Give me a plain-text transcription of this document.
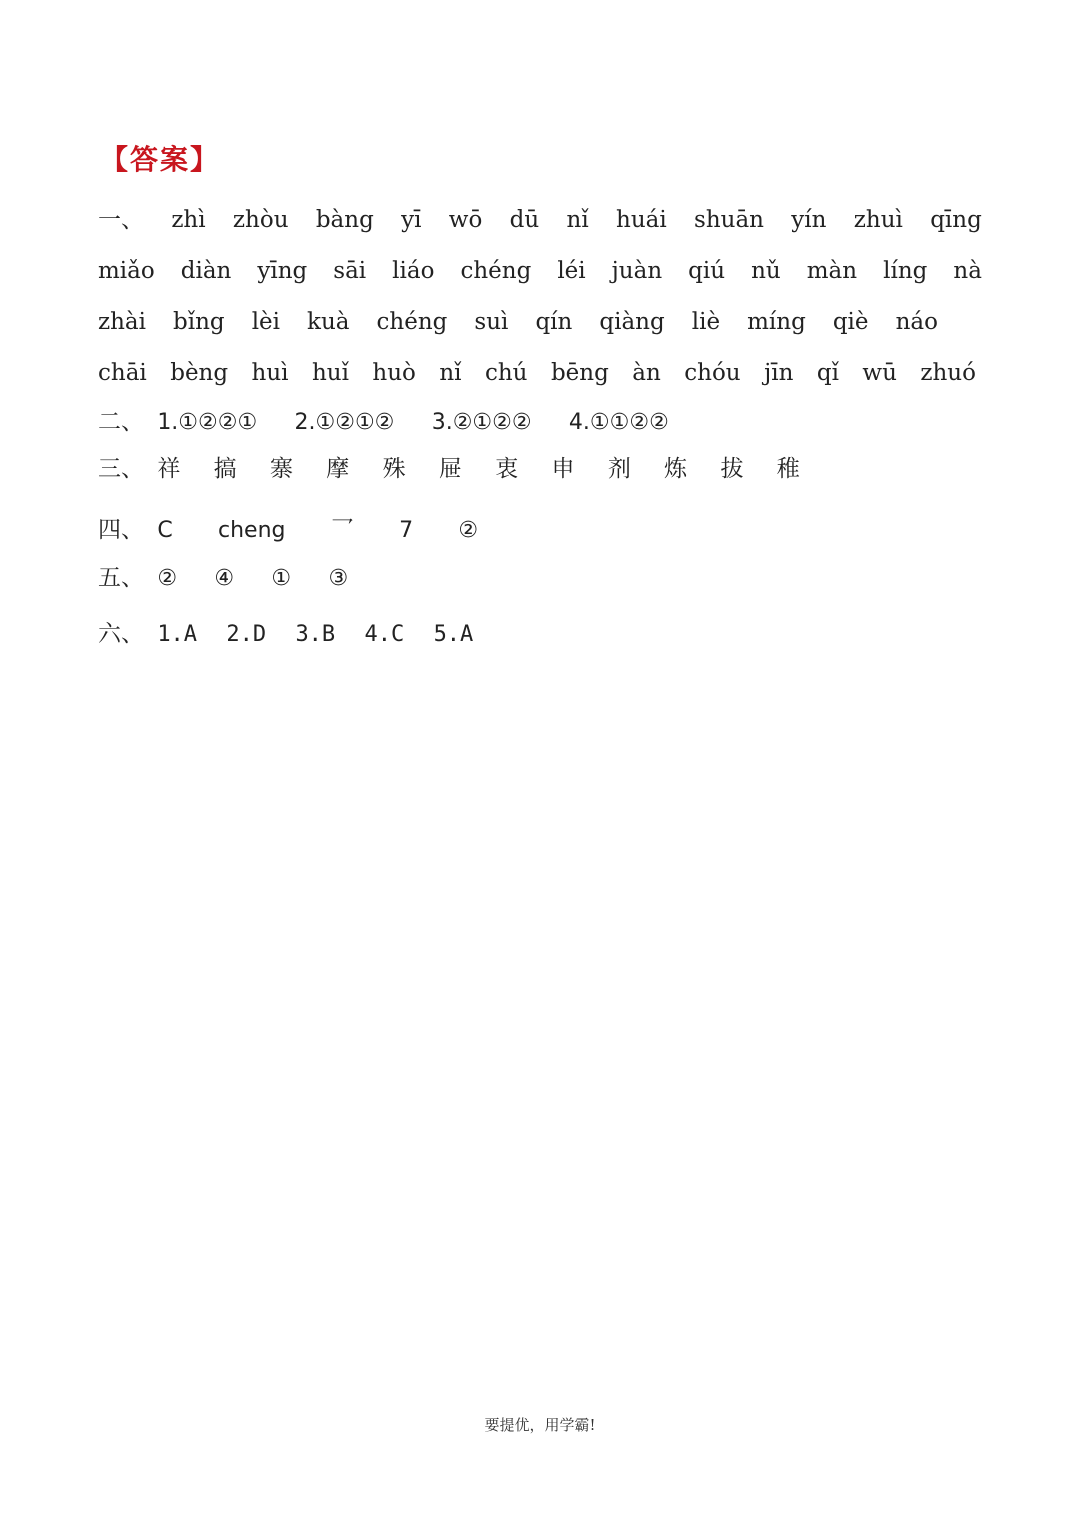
【答案】
一、 zhì zhòu bàng yī wō dū nǐ huái shuān yín zhuì qīng
miǎo diàn yīng sāi liáo chéng léi juàn qiú nǔ màn líng nà
zhài bǐng lèi kuà chéng suì qín qiàng liè míng qiè náo
chāi bèng huì huǐ huò nǐ chú bēng àn chóu jīn qǐ wū zhuó
二、 1.①②②① 2.①②①② 3.②①②② 4.①①②②
三、 祥 搞 寨 摩 殊 屉 衷 申 剂 炼 拔 稚
四、 C cheng 乛 7 ②
五、 ② ④ ① ③
六、 1.A 2.D 3.B 4.C 5.A
要提优，用学霸!
